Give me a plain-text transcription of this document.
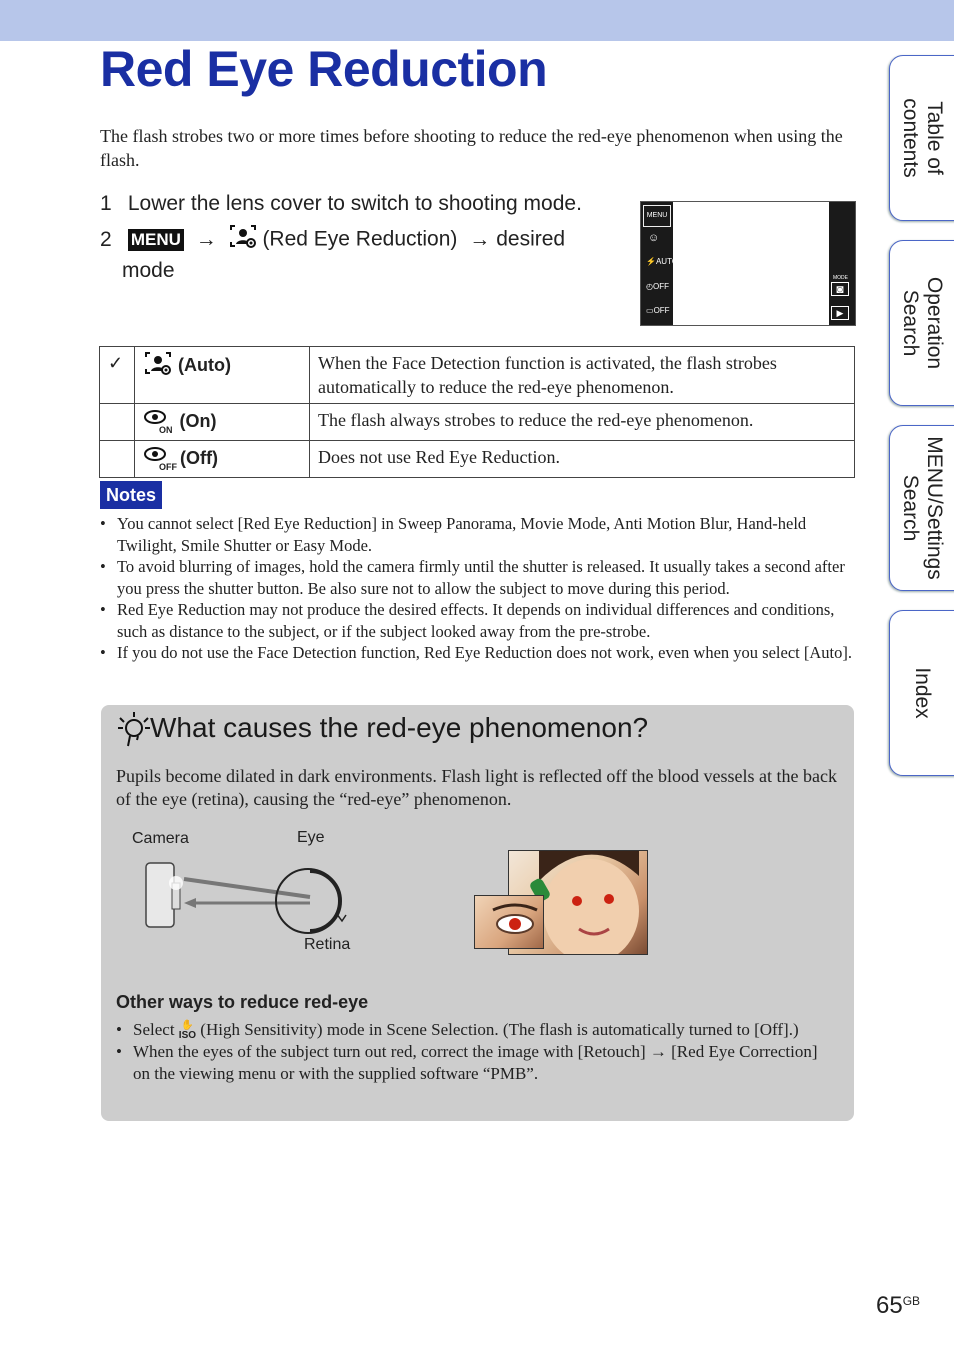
Red Eye Reduction

The flash strobes two or more times before shooting to reduce the red-eye phenomenon when using the flash.

1 Lower the lens cover to switch to shooting mode.
2 MENU → (Red Eye Reduction) → desired
mode
MENU
☺
⚡AUTO
◴OFF
▭OFF
MODE
◙
▶
✓	(Auto)	When the Face Detection function is activated, the flash strobes automatically to reduce the red-eye phenomenon.
	$_{ON}$ (On)	The flash always strobes to reduce the red-eye phenomenon.
	$_{OFF}$ (Off)	Does not use Red Eye Reduction.
Notes
• You cannot select [Red Eye Reduction] in Sweep Panorama, Movie Mode, Anti Motion Blur, Hand-held Twilight, Smile Shutter or Easy Mode.
• To avoid blurring of images, hold the camera firmly until the shutter is released. It usually takes a second after you press the shutter button. Be also sure not to allow the subject to move during this period.
• Red Eye Reduction may not produce the desired effects. It depends on individual differences and conditions, such as distance to the subject, or if the subject looked away from the pre-strobe.
• If you do not use the Face Detection function, Red Eye Reduction does not work, even when you select [Auto].
What causes the red-eye phenomenon?

Pupils become dilated in dark environments. Flash light is reflected off the blood vessels at the back of the eye (retina), causing the “red-eye” phenomenon.

Camera	Eye
Retina
Other ways to reduce red-eye
• Select ✋
ISO (High Sensitivity) mode in Scene Selection. (The flash is automatically turned to [Off].)
• When the eyes of the subject turn out red, correct the image with [Retouch] → [Red Eye Correction] on the viewing menu or with the supplied software “PMB”.
Table of
contents
Operation
Search
MENU/Settings
Search
Index
$65^{GB}$
